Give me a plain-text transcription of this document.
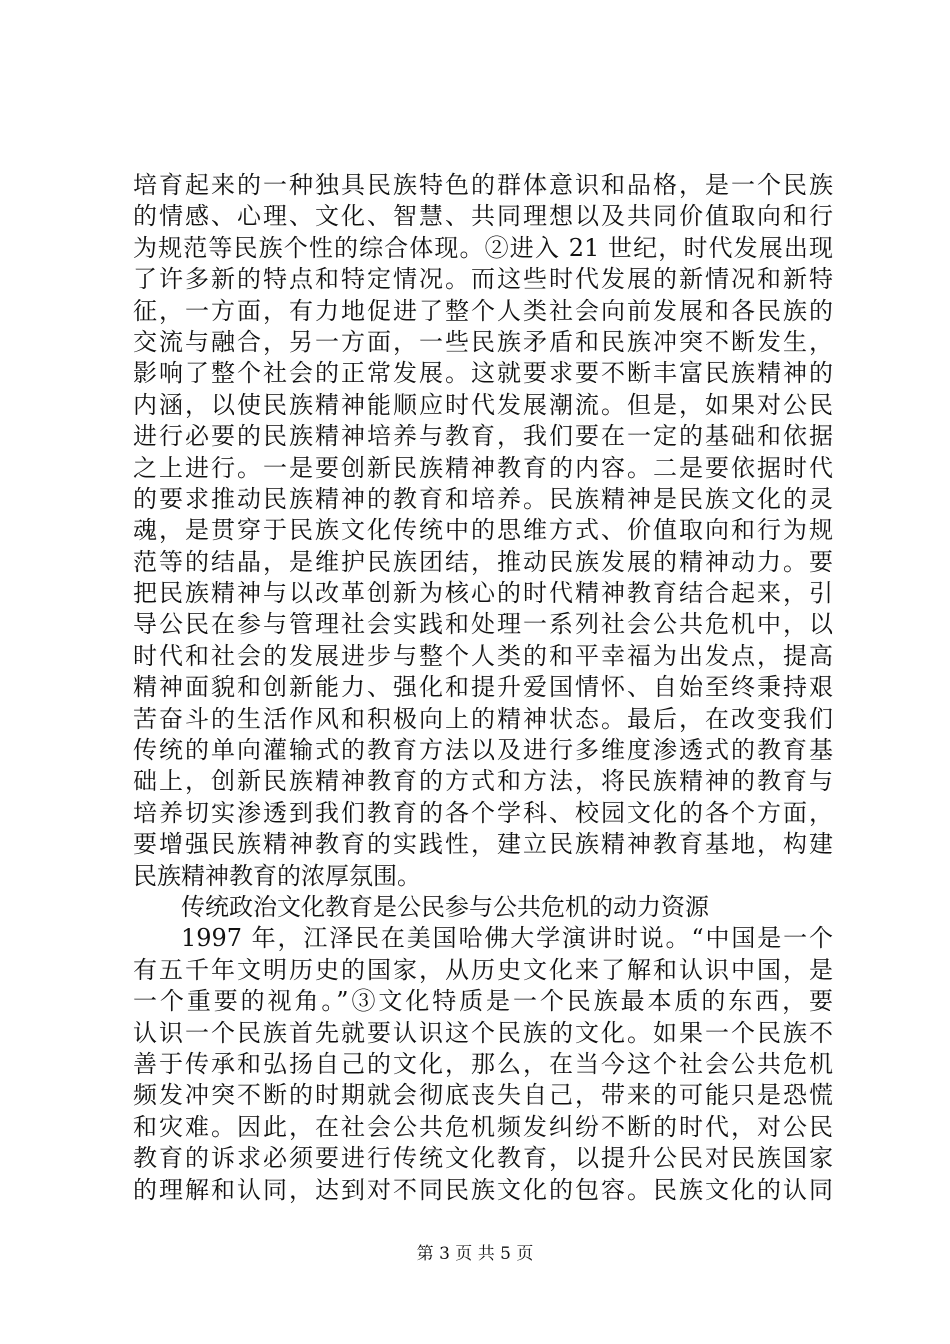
培育起来的一种独具民族特色的群体意识和品格，是一个民族
的情感、心理、文化、智慧、共同理想以及共同价值取向和行
为规范等民族个性的综合体现。②进入 21 世纪，时代发展出现
了许多新的特点和特定情况。而这些时代发展的新情况和新特
征，一方面，有力地促进了整个人类社会向前发展和各民族的
交流与融合，另一方面，一些民族矛盾和民族冲突不断发生，
影响了整个社会的正常发展。这就要求要不断丰富民族精神的
内涵，以使民族精神能顺应时代发展潮流。但是，如果对公民
进行必要的民族精神培养与教育，我们要在一定的基础和依据
之上进行。一是要创新民族精神教育的内容。二是要依据时代
的要求推动民族精神的教育和培养。民族精神是民族文化的灵
魂，是贯穿于民族文化传统中的思维方式、价值取向和行为规
范等的结晶，是维护民族团结，推动民族发展的精神动力。要
把民族精神与以改革创新为核心的时代精神教育结合起来，引
导公民在参与管理社会实践和处理一系列社会公共危机中，以
时代和社会的发展进步与整个人类的和平幸福为出发点，提高
精神面貌和创新能力、强化和提升爱国情怀、自始至终秉持艰
苦奋斗的生活作风和积极向上的精神状态。最后，在改变我们
传统的单向灌输式的教育方法以及进行多维度渗透式的教育基
础上，创新民族精神教育的方式和方法，将民族精神的教育与
培养切实渗透到我们教育的各个学科、校园文化的各个方面，
要增强民族精神教育的实践性，建立民族精神教育基地，构建
民族精神教育的浓厚氛围。
传统政治文化教育是公民参与公共危机的动力资源
1997 年，江泽民在美国哈佛大学演讲时说。“中国是一个
有五千年文明历史的国家，从历史文化来了解和认识中国，是
一个重要的视角。”③文化特质是一个民族最本质的东西，要
认识一个民族首先就要认识这个民族的文化。如果一个民族不
善于传承和弘扬自己的文化，那么，在当今这个社会公共危机
频发冲突不断的时期就会彻底丧失自己，带来的可能只是恐慌
和灾难。因此，在社会公共危机频发纠纷不断的时代，对公民
教育的诉求必须要进行传统文化教育，以提升公民对民族国家
的理解和认同，达到对不同民族文化的包容。民族文化的认同
第 3 页 共 5 页
